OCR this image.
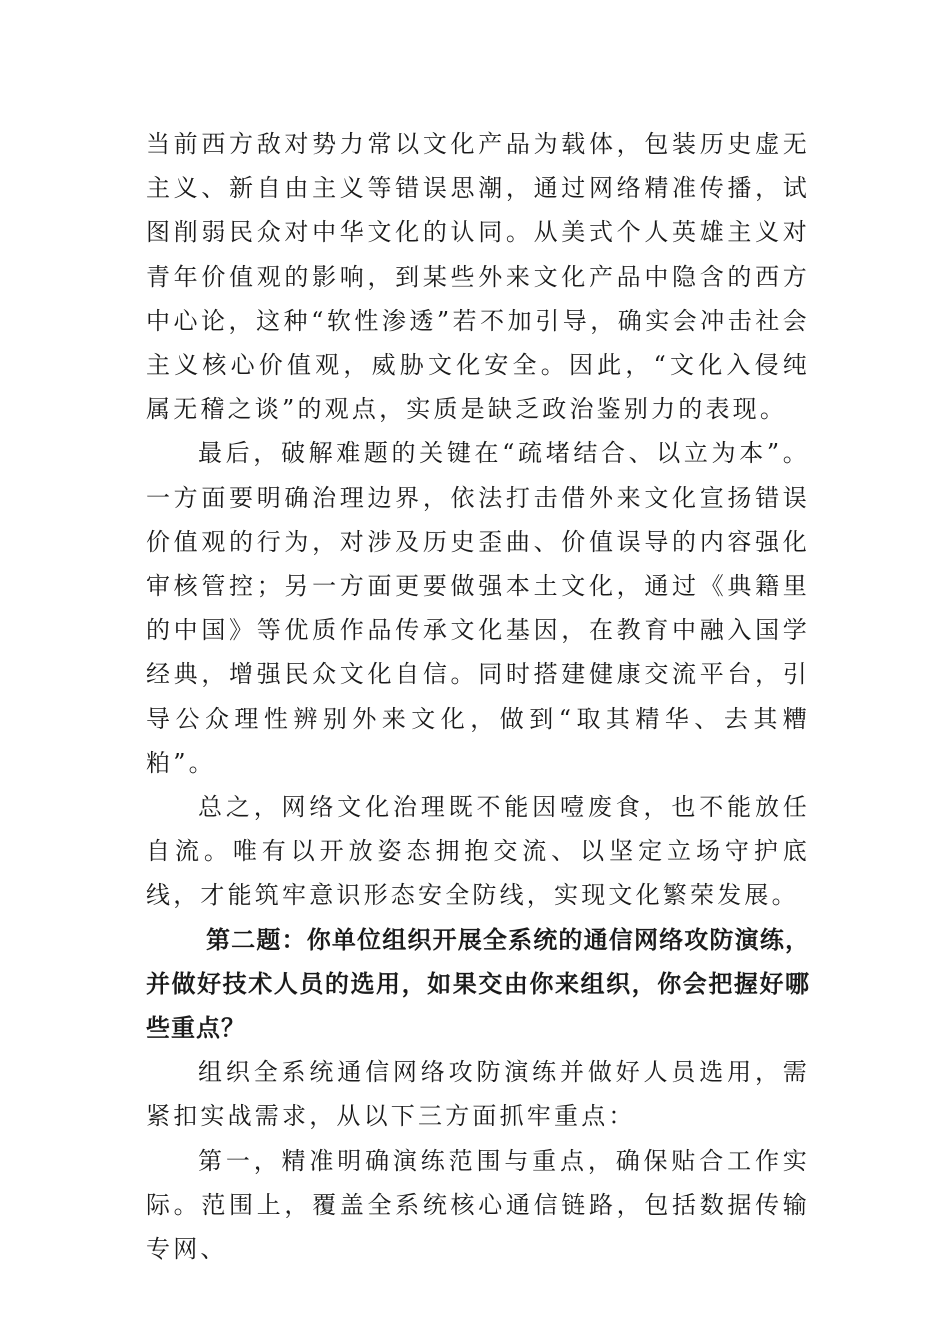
当前西方敌对势力常以文化产品为载体，包装历史虚无主义、新自由主义等错误思潮，通过网络精准传播，试图削弱民众对中华文化的认同。从美式个人英雄主义对青年价值观的影响，到某些外来文化产品中隐含的西方中心论，这种“软性渗透”若不加引导，确实会冲击社会主义核心价值观，威胁文化安全。因此，“文化入侵纯属无稽之谈”的观点，实质是缺乏政治鉴别力的表现。

最后，破解难题的关键在“疏堵结合、以立为本”。一方面要明确治理边界，依法打击借外来文化宣扬错误价值观的行为，对涉及历史歪曲、价值误导的内容强化审核管控；另一方面更要做强本土文化，通过《典籍里的中国》等优质作品传承文化基因，在教育中融入国学经典，增强民众文化自信。同时搭建健康交流平台，引导公众理性辨别外来文化，做到“取其精华、去其糟粕”。

总之，网络文化治理既不能因噎废食，也不能放任自流。唯有以开放姿态拥抱交流、以坚定立场守护底线，才能筑牢意识形态安全防线，实现文化繁荣发展。

第二题：你单位组织开展全系统的通信网络攻防演练，并做好技术人员的选用，如果交由你来组织，你会把握好哪些重点？

组织全系统通信网络攻防演练并做好人员选用，需紧扣实战需求，从以下三方面抓牢重点：

第一，精准明确演练范围与重点，确保贴合工作实际。范围上，覆盖全系统核心通信链路，包括数据传输专网、
